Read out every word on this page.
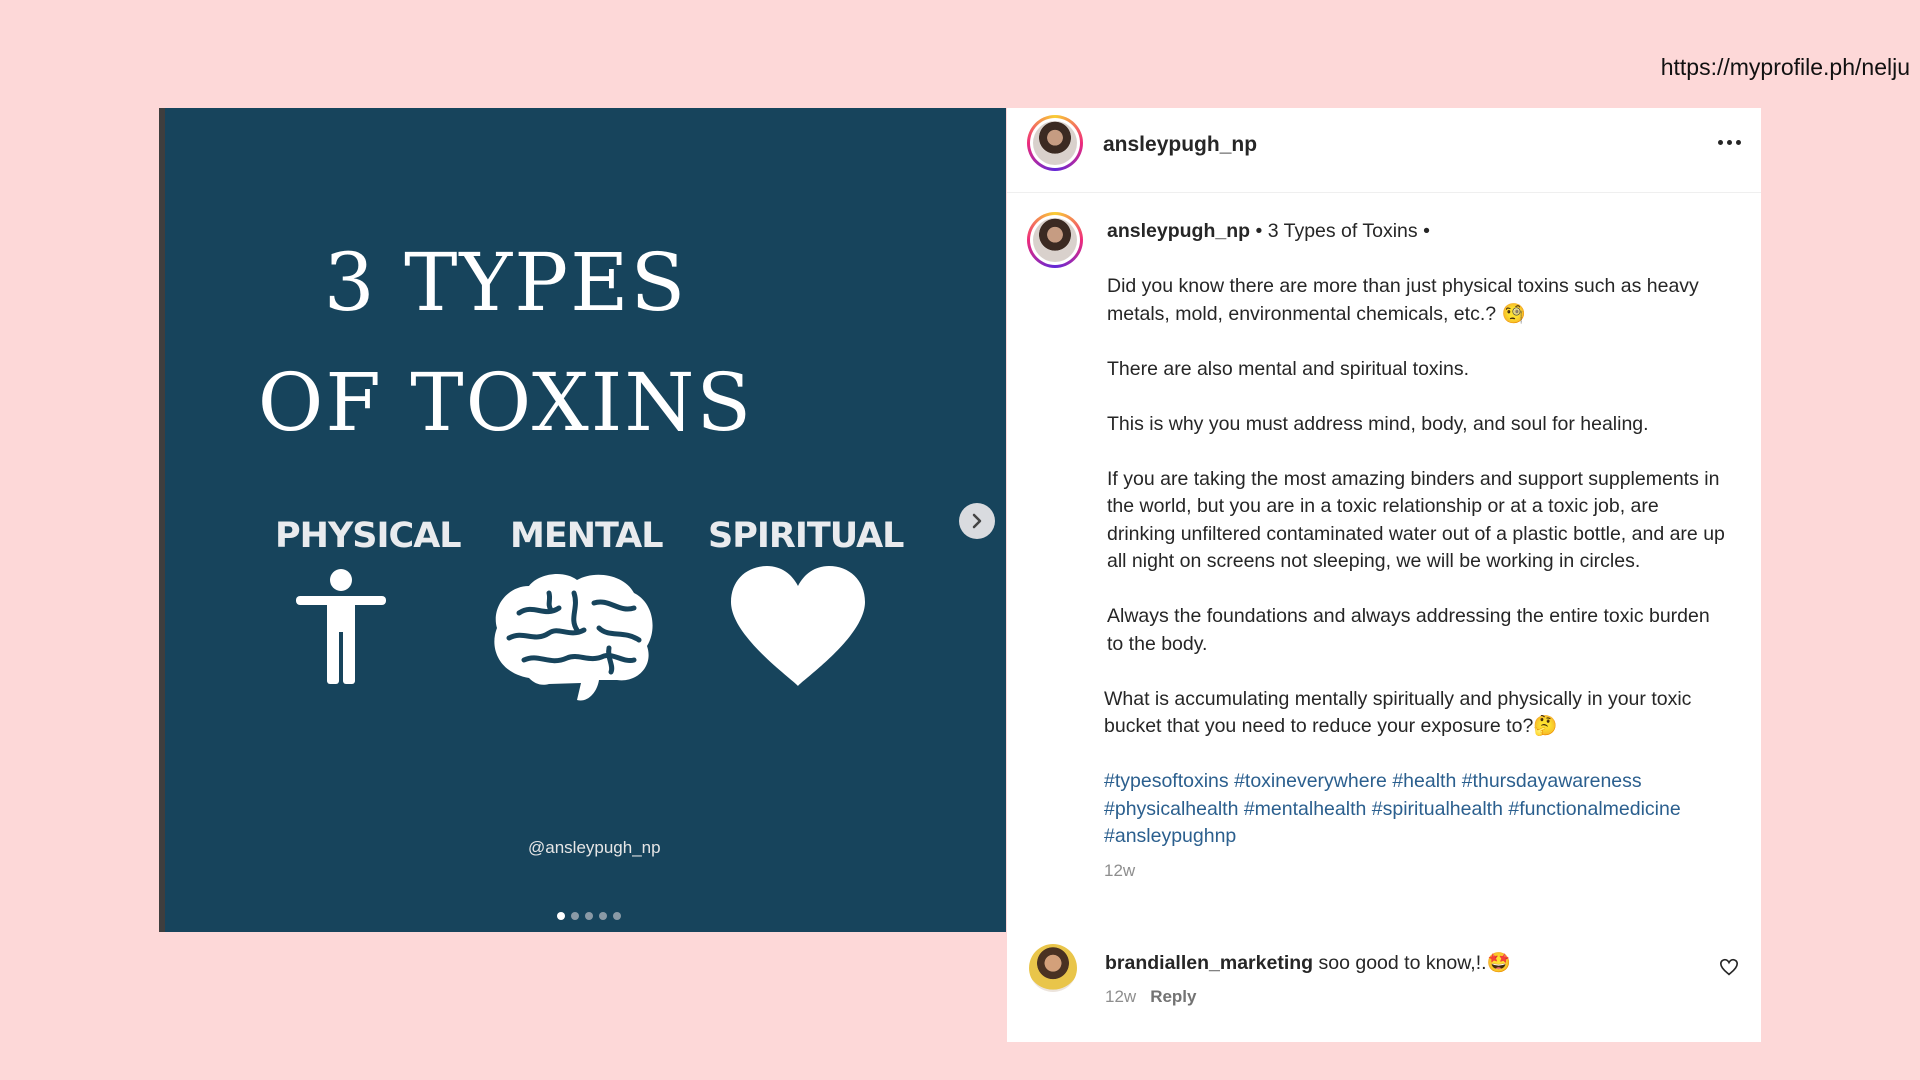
https://myprofile.ph/nelju
3 TYPES
OF TOXINS
PHYSICAL MENTAL SPIRITUAL
@ansleypugh_np
ansleypugh_np

ansleypugh_np • 3 Types of Toxins •

Did you know there are more than just physical toxins such as heavy metals, mold, environmental chemicals, etc.? 🧐

There are also mental and spiritual toxins.

This is why you must address mind, body, and soul for healing.

If you are taking the most amazing binders and support supplements in the world, but you are in a toxic relationship or at a toxic job, are drinking unfiltered contaminated water out of a plastic bottle, and are up all night on screens not sleeping, we will be working in circles.

Always the foundations and always addressing the entire toxic burden to the body.

What is accumulating mentally spiritually and physically in your toxic bucket that you need to reduce your exposure to?🤔

#typesoftoxins #toxineverywhere #health #thursdayawareness #physicalhealth #mentalhealth #spiritualhealth #functionalmedicine #ansleypughnp
12w
brandiallen_marketing soo good to know,!.🤩
12w Reply
